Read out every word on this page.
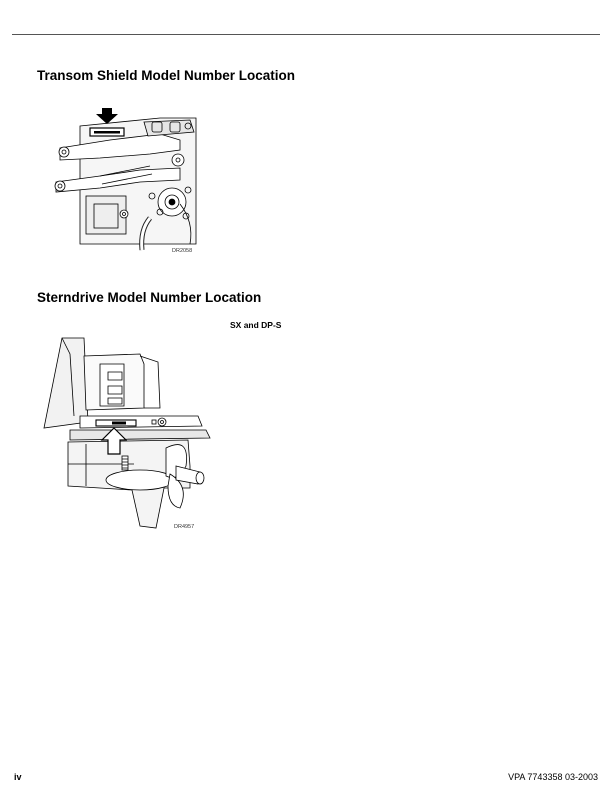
Transom Shield Model Number Location
DR2058
Sterndrive Model Number Location
SX and DP-S
DR4957
iv	VPA 7743358 03-2003
